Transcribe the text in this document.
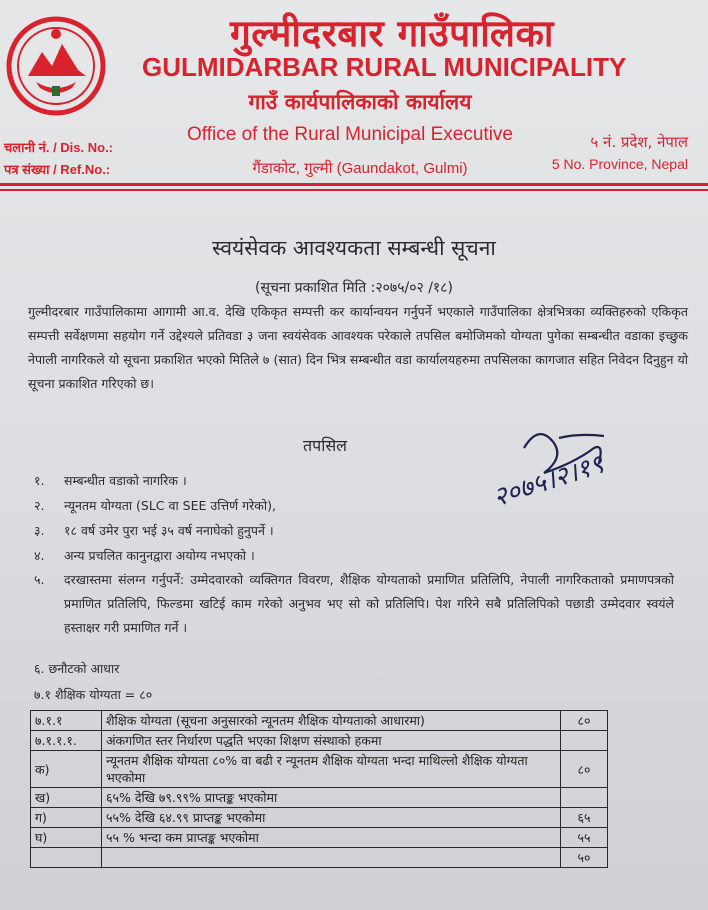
गुल्मीदरबार गाउँपालिका
GULMIDARBAR RURAL MUNICIPALITY
गाउँ कार्यपालिकाको कार्यालय
Office of the Rural Municipal Executive
गैंडाकोट, गुल्मी (Gaundakot, Gulmi)
चलानी नं. / Dis. No.:
पत्र संख्या / Ref.No.:
५ नं. प्रदेश, नेपाल
5 No. Province, Nepal
स्वयंसेवक आवश्यकता सम्बन्धी सूचना
(सूचना प्रकाशित मिति :२०७५/०२ /१८)
गुल्मीदरबार गाउँपालिकामा आगामी आ.व. देखि एकिकृत सम्पत्ती कर कार्यान्वयन गर्नुपर्ने भएकाले गाउँपालिका क्षेत्रभित्रका व्यक्तिहरुको एकिकृत सम्पत्ती सर्वेक्षणमा सहयोग गर्ने उद्देश्यले प्रतिवडा ३ जना स्वयंसेवक आवश्यक परेकाले तपसिल बमोजिमको योग्यता पुगेका सम्बन्धीत वडाका इच्छुक नेपाली नागरिकले यो सूचना प्रकाशित भएको मितिले ७ (सात) दिन भित्र सम्बन्धीत वडा कार्यालयहरुमा तपसिलका कागजात सहित निवेदन दिनुहुन यो सूचना प्रकाशित गरिएको छ।
तपसिल
१.	सम्बन्धीत वडाको नागरिक ।
२.	न्यूनतम योग्यता (SLC वा SEE उत्तिर्ण गरेको),
३.	१८ वर्ष उमेर पुरा भई ३५ वर्ष ननाघेको हुनुपर्ने ।
४.	अन्य प्रचलित कानुनद्वारा अयोग्य नभएको ।
५.	दरखास्तमा संलग्न गर्नुपर्ने: उम्मेदवारको व्यक्तिगत विवरण, शैक्षिक योग्यताको प्रमाणित प्रतिलिपि, नेपाली नागरिकताको प्रमाणपत्रको प्रमाणित प्रतिलिपि, फिल्डमा खटिई काम गरेको अनुभव भए सो को प्रतिलिपि। पेश गरिने सबै प्रतिलिपिको पछाडी उम्मेदवार स्वयंले हस्ताक्षर गरी प्रमाणित गर्ने ।
६. छनौटको आधार
७.१ शैक्षिक योग्यता = ८०
७.१.१	शैक्षिक योग्यता (सूचना अनुसारको न्यूनतम शैक्षिक योग्यताको आधारमा)	८०
७.१.१.१.	अंकगणित स्तर निर्धारण पद्धति भएका शिक्षण संस्थाको हकमा	
क)	न्यूनतम शैक्षिक योग्यता ८०% वा बढी र न्यूनतम शैक्षिक योग्यता भन्दा माथिल्लो शैक्षिक योग्यता भएकोमा	८०
ख)	६५% देखि ७९.९९% प्राप्तङ्क भएकोमा	
ग)	५५% देखि ६४.९९ प्राप्तङ्क भएकोमा	६५
घ)	५५ % भन्दा कम प्राप्तङ्क भएकोमा	५५
		५०
२०७५।२।१९
